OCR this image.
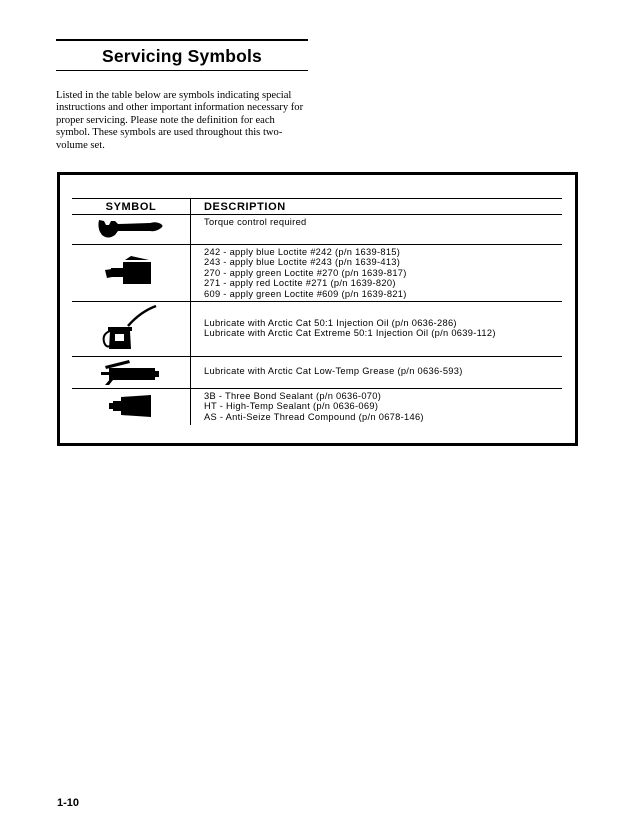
Servicing Symbols

Listed in the table below are symbols indicating special instructions and other important information necessary for proper servicing. Please note the definition for each symbol. These symbols are used throughout this two-volume set.

SYMBOL	DESCRIPTION

Torque control required

242 - apply blue Loctite #242 (p/n 1639-815)
243 - apply blue Loctite #243 (p/n 1639-413)
270 - apply green Loctite #270 (p/n 1639-817)
271 - apply red Loctite #271 (p/n 1639-820)
609 - apply green Loctite #609 (p/n 1639-821)

Lubricate with Arctic Cat 50:1 Injection Oil (p/n 0636-286)
Lubricate with Arctic Cat Extreme 50:1 Injection Oil (p/n 0639-112)

Lubricate with Arctic Cat Low-Temp Grease (p/n 0636-593)

3B - Three Bond Sealant (p/n 0636-070)
HT - High-Temp Sealant (p/n 0636-069)
AS - Anti-Seize Thread Compound (p/n 0678-146)
1-10
